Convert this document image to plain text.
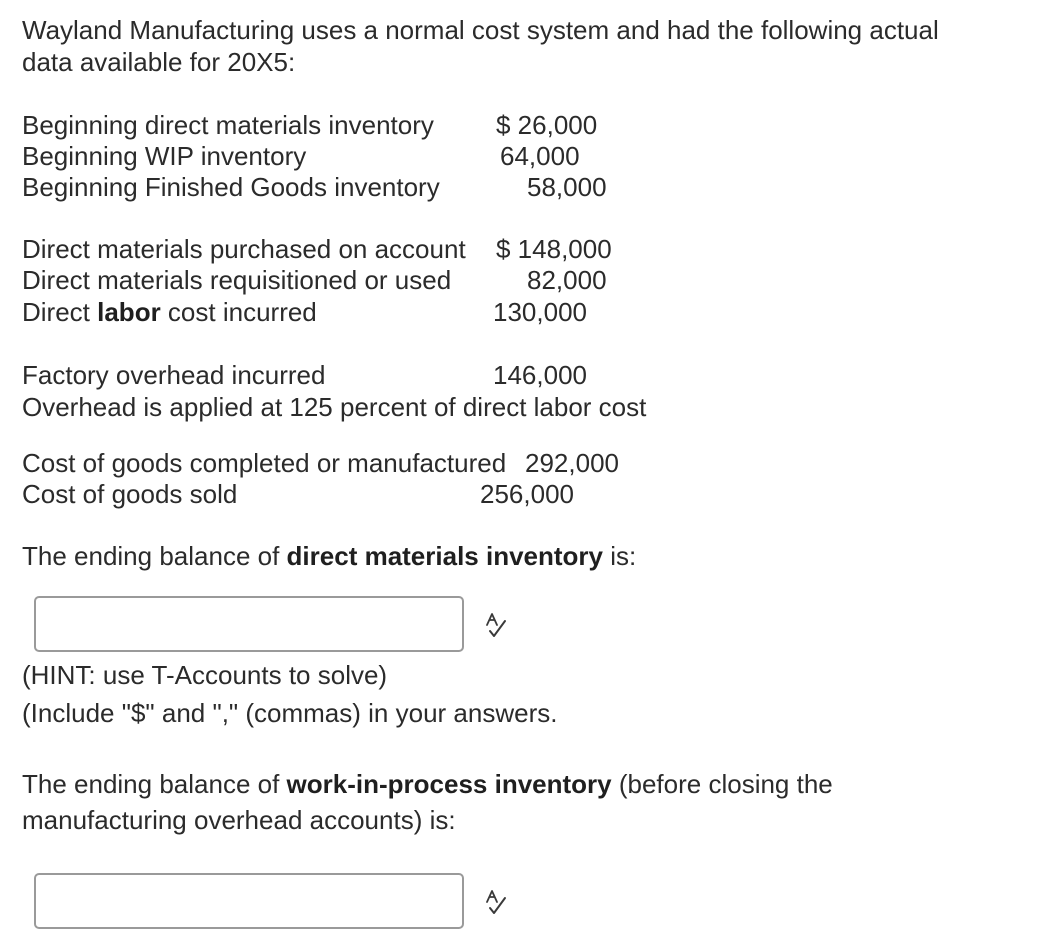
Wayland Manufacturing uses a normal cost system and had the following actual
data available for 20X5:
Beginning direct materials inventory $ 26,000
Beginning WIP inventory	64,000
Beginning Finished Goods inventory	58,000
Direct materials purchased on account $ 148,000
Direct materials requisitioned or used	82,000
Direct labor cost incurred	130,000
Factory overhead incurred	146,000
Overhead is applied at 125 percent of direct labor cost
Cost of goods completed or manufactured 292,000
Cost of goods sold	256,000
The ending balance of direct materials inventory is:
(HINT: use T-Accounts to solve)
(Include "$" and "," (commas) in your answers.
The ending balance of work-in-process inventory (before closing the
manufacturing overhead accounts) is:
